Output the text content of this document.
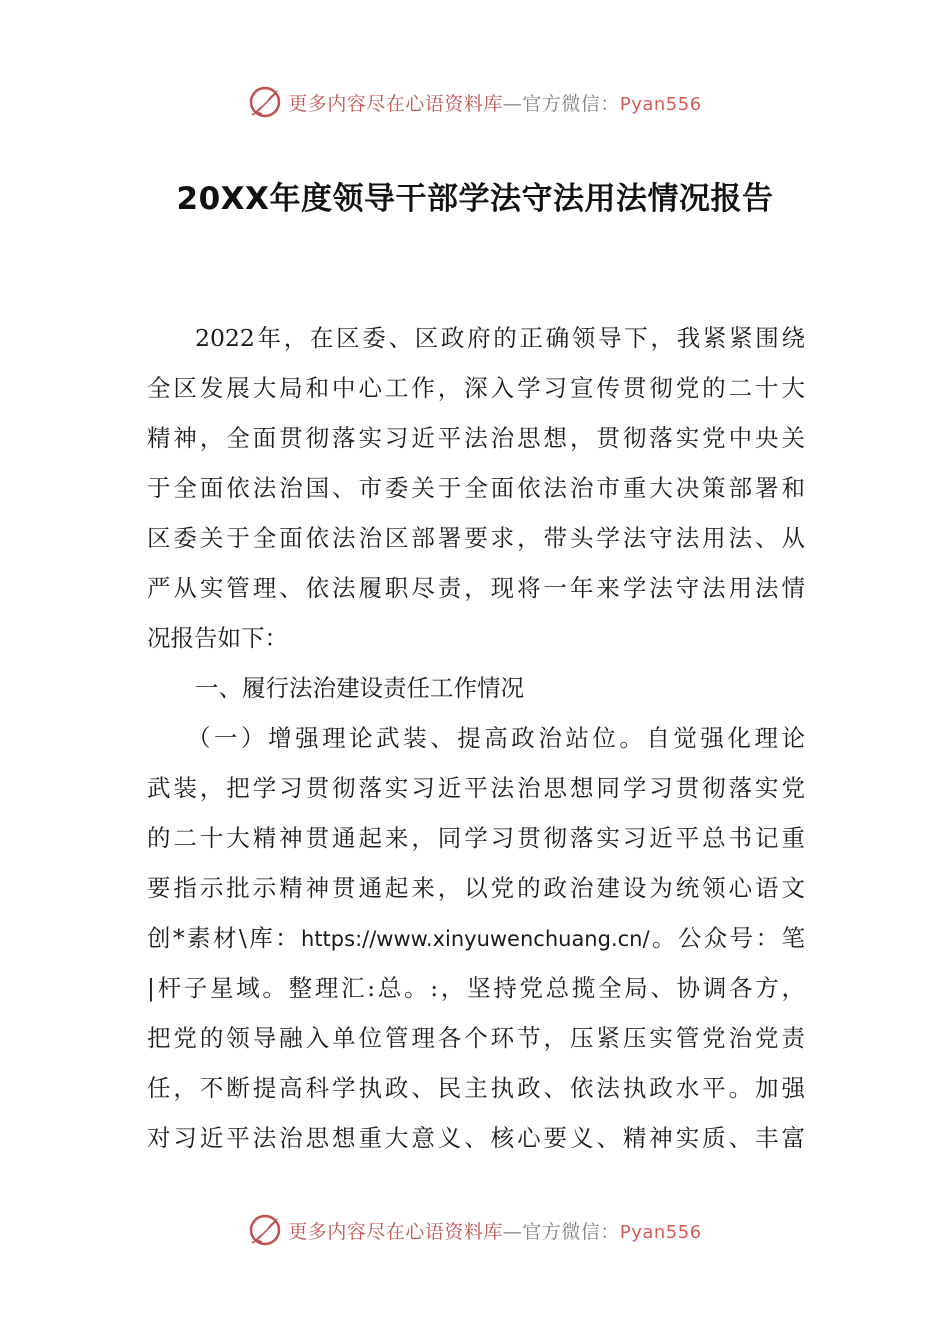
更多内容尽在心语资料库—官方微信：Pyan556
20XX年度领导干部学法守法用法情况报告
2022年，在区委、区政府的正确领导下，我紧紧围绕
全区发展大局和中心工作，深入学习宣传贯彻党的二十大
精神，全面贯彻落实习近平法治思想，贯彻落实党中央关
于全面依法治国、市委关于全面依法治市重大决策部署和
区委关于全面依法治区部署要求，带头学法守法用法、从
严从实管理、依法履职尽责，现将一年来学法守法用法情
况报告如下：
一、履行法治建设责任工作情况
（一）增强理论武装、提高政治站位。自觉强化理论
武装，把学习贯彻落实习近平法治思想同学习贯彻落实党
的二十大精神贯通起来，同学习贯彻落实习近平总书记重
要指示批示精神贯通起来，以党的政治建设为统领心语文
创*素材\库：https://www.xinyuwenchuang.cn/。公众号：笔
|杆子星域。整理汇:总。:，坚持党总揽全局、协调各方，
把党的领导融入单位管理各个环节，压紧压实管党治党责
任，不断提高科学执政、民主执政、依法执政水平。加强
对习近平法治思想重大意义、核心要义、精神实质、丰富
更多内容尽在心语资料库—官方微信：Pyan556
